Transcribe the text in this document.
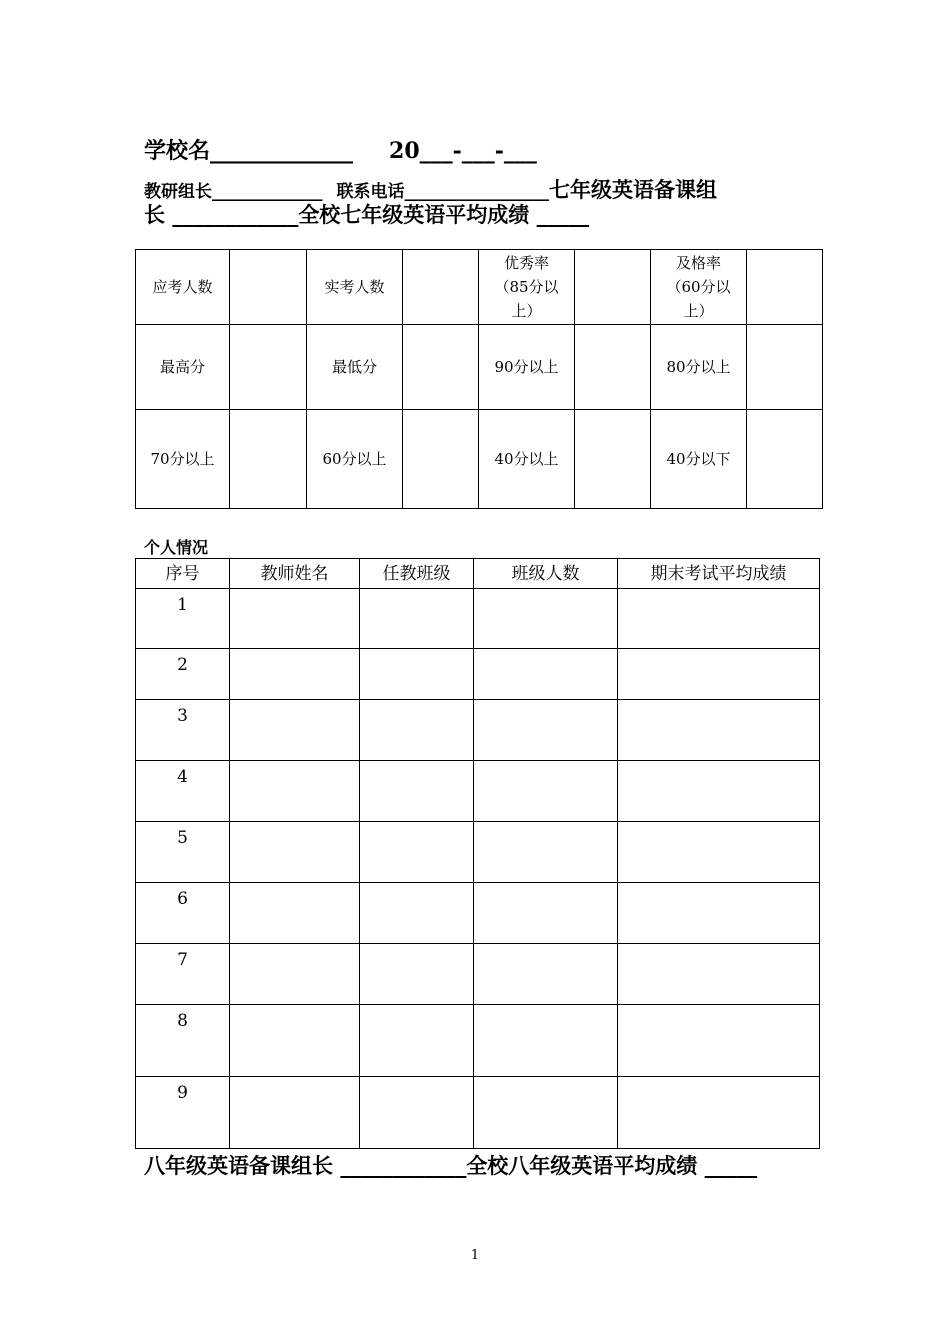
学校名_____________ 20___-___-___
教研组长_____________ 联系电话_________________七年级英语备课组
长 ____________全校七年级英语平均成绩 _____
应考人数		实考人数		优秀率（85分以上）		及格率（60分以上）	
最高分		最低分		90分以上		80分以上	
70分以上		60分以上		40分以上		40分以下	
个人情况
序号	教师姓名	任教班级	班级人数	期末考试平均成绩
1				
2				
3				
4				
5				
6				
7				
8				
9				
八年级英语备课组长 ____________全校八年级英语平均成绩 _____
1
